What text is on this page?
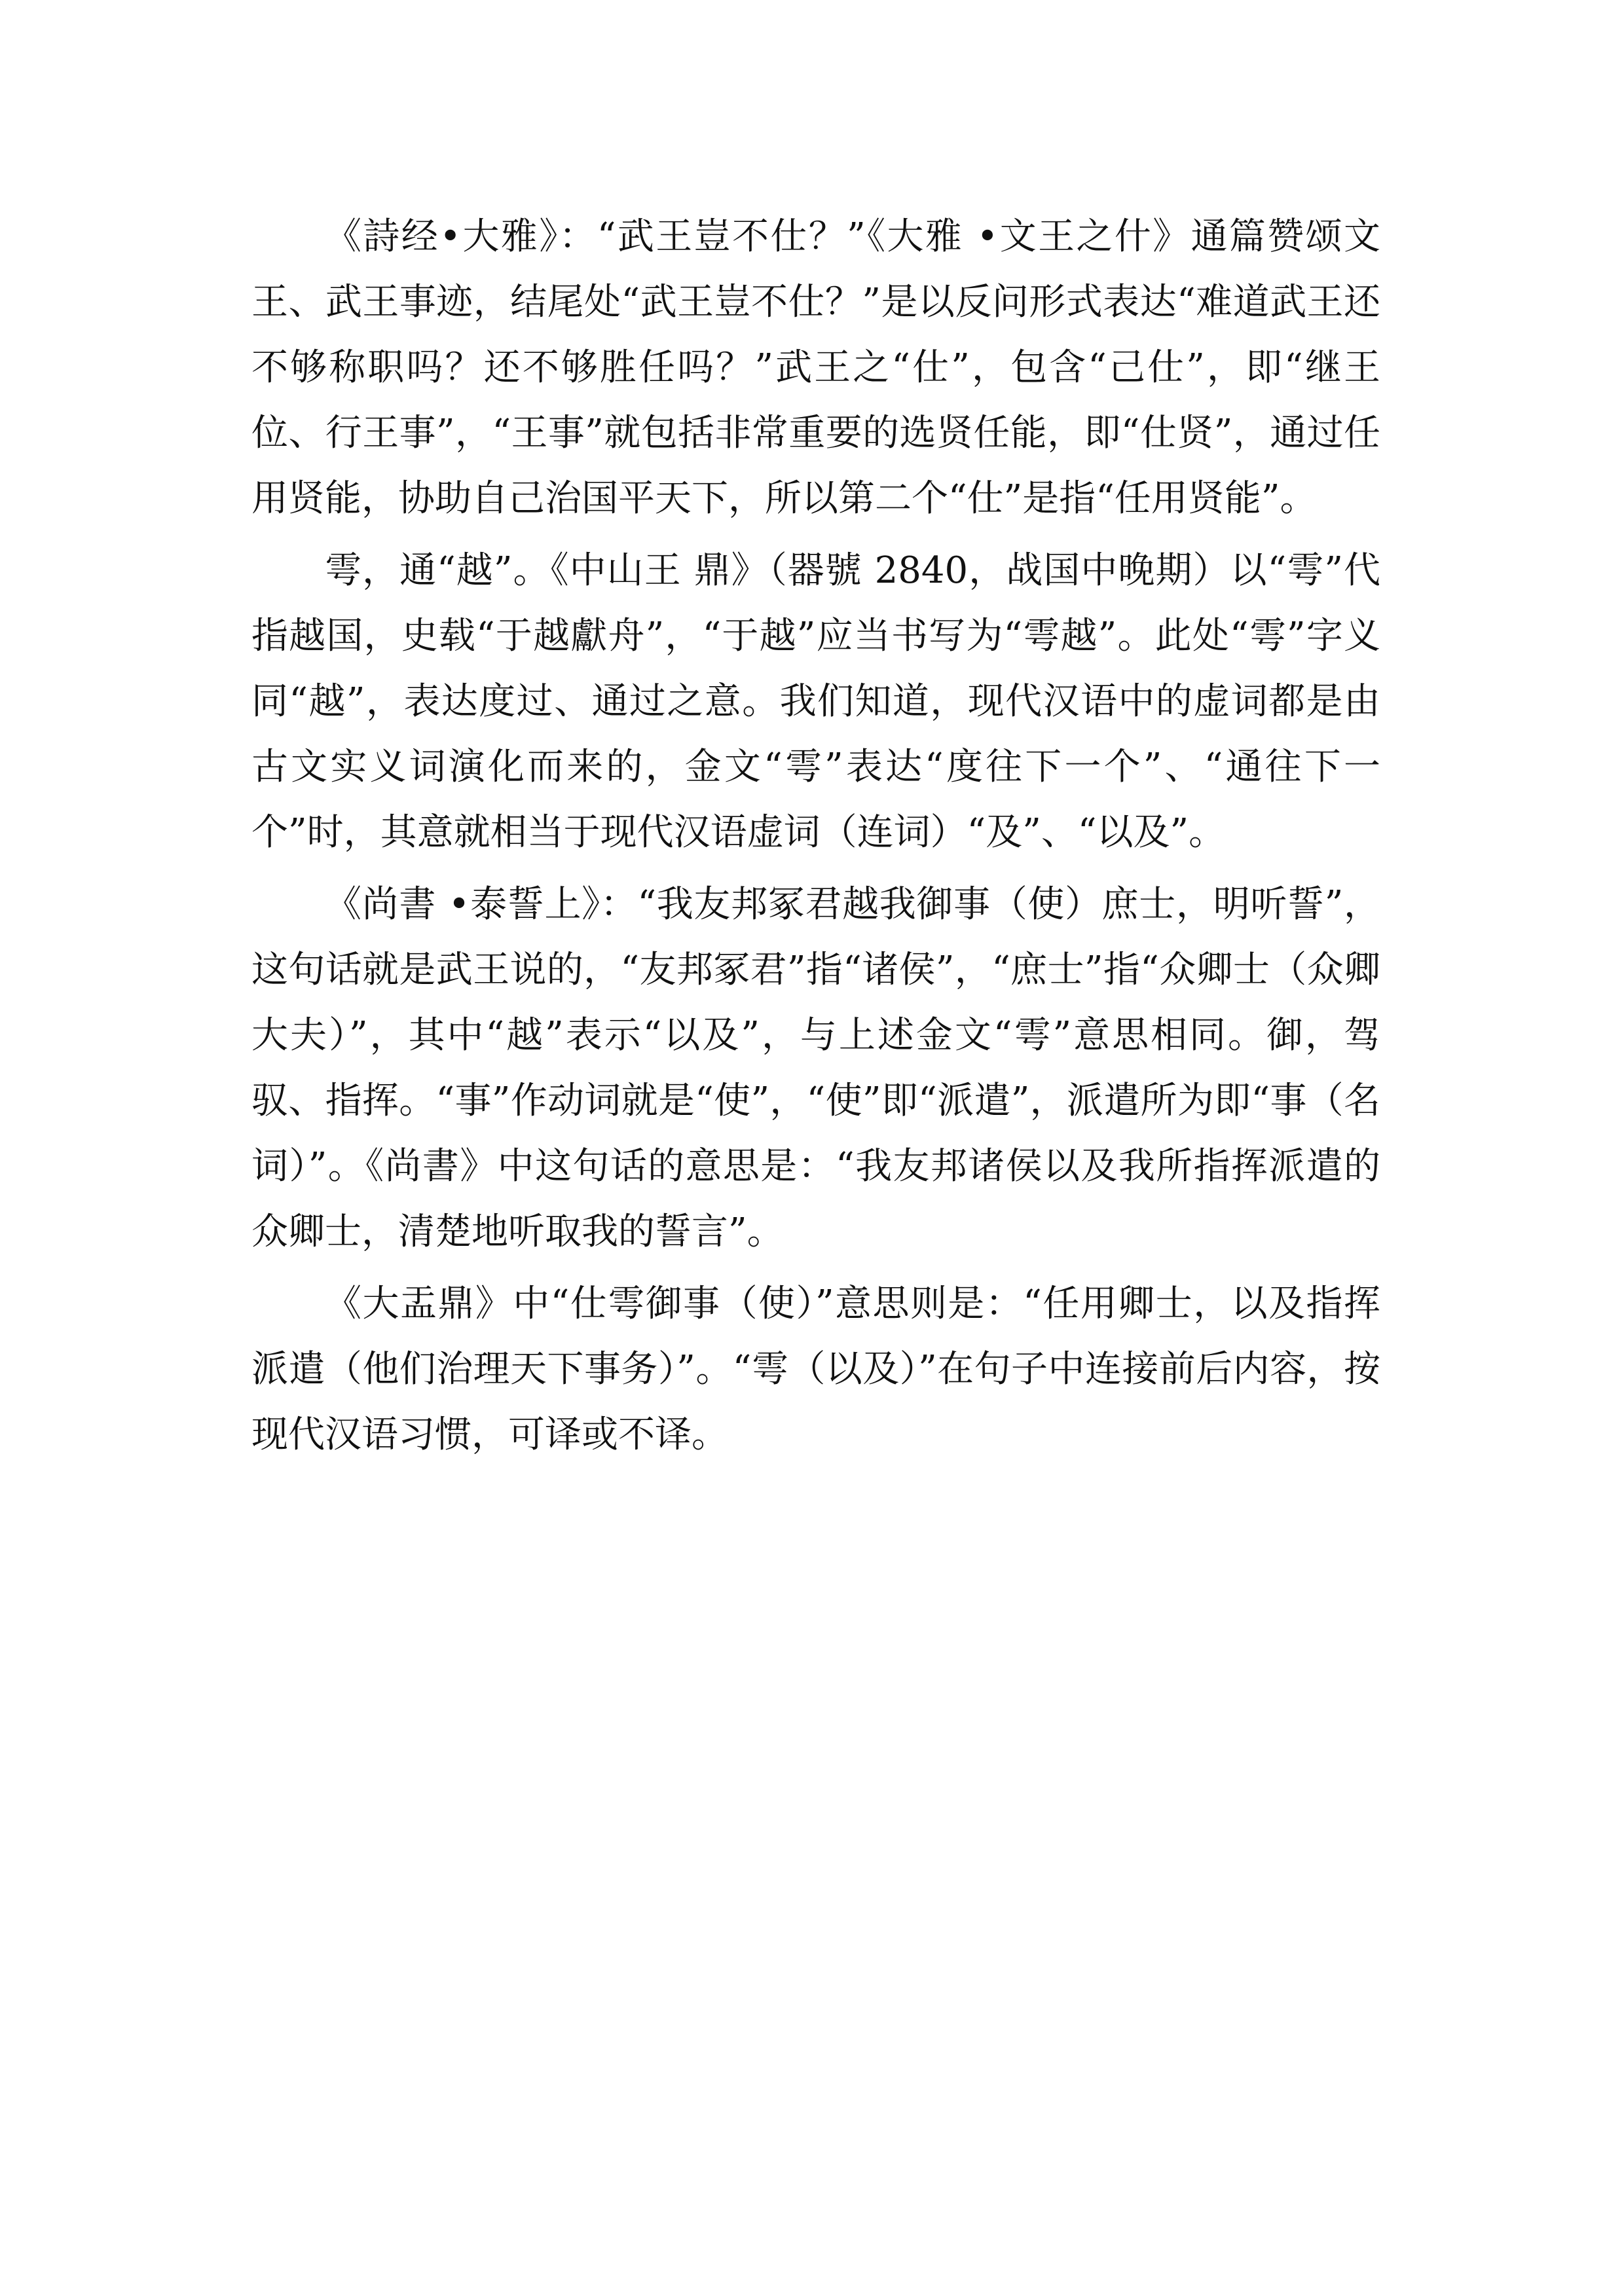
《詩经•大雅》：“武王豈不仕？”《大雅 •文王之什》通篇赞颂文王、武王事迹，结尾处“武王豈不仕？”是以反问形式表达“难道武王还不够称职吗？还不够胜任吗？”武王之“仕”，包含“己仕”，即“继王位、行王事”，“王事”就包括非常重要的选贤任能，即“仕贤”，通过任用贤能，协助自己治国平天下，所以第二个“仕”是指“任用贤能”。

雩，通“越”。《中山王 鼎》（器號 2840，战国中晚期）以“雩”代指越国，史载“于越獻舟”，“于越”应当书写为“雩越”。此处“雩”字义同“越”，表达度过、通过之意。我们知道，现代汉语中的虚词都是由古文实义词演化而来的，金文“雩”表达“度往下一个”、“通往下一个”时，其意就相当于现代汉语虚词（连词）“及”、“以及”。

《尚書 •泰誓上》：“我友邦冢君越我御事（使）庶士，明听誓”，这句话就是武王说的，“友邦冢君”指“诸侯”，“庶士”指“众卿士（众卿大夫）”，其中“越”表示“以及”，与上述金文“雩”意思相同。御，驾驭、指挥。“事”作动词就是“使”，“使”即“派遣”，派遣所为即“事（名词）”。《尚書》中这句话的意思是：“我友邦诸侯以及我所指挥派遣的众卿士，清楚地听取我的誓言”。

《大盂鼎》中“仕雩御事（使）”意思则是：“任用卿士，以及指挥派遣（他们治理天下事务）”。“雩（以及）”在句子中连接前后内容，按现代汉语习惯，可译或不译。
